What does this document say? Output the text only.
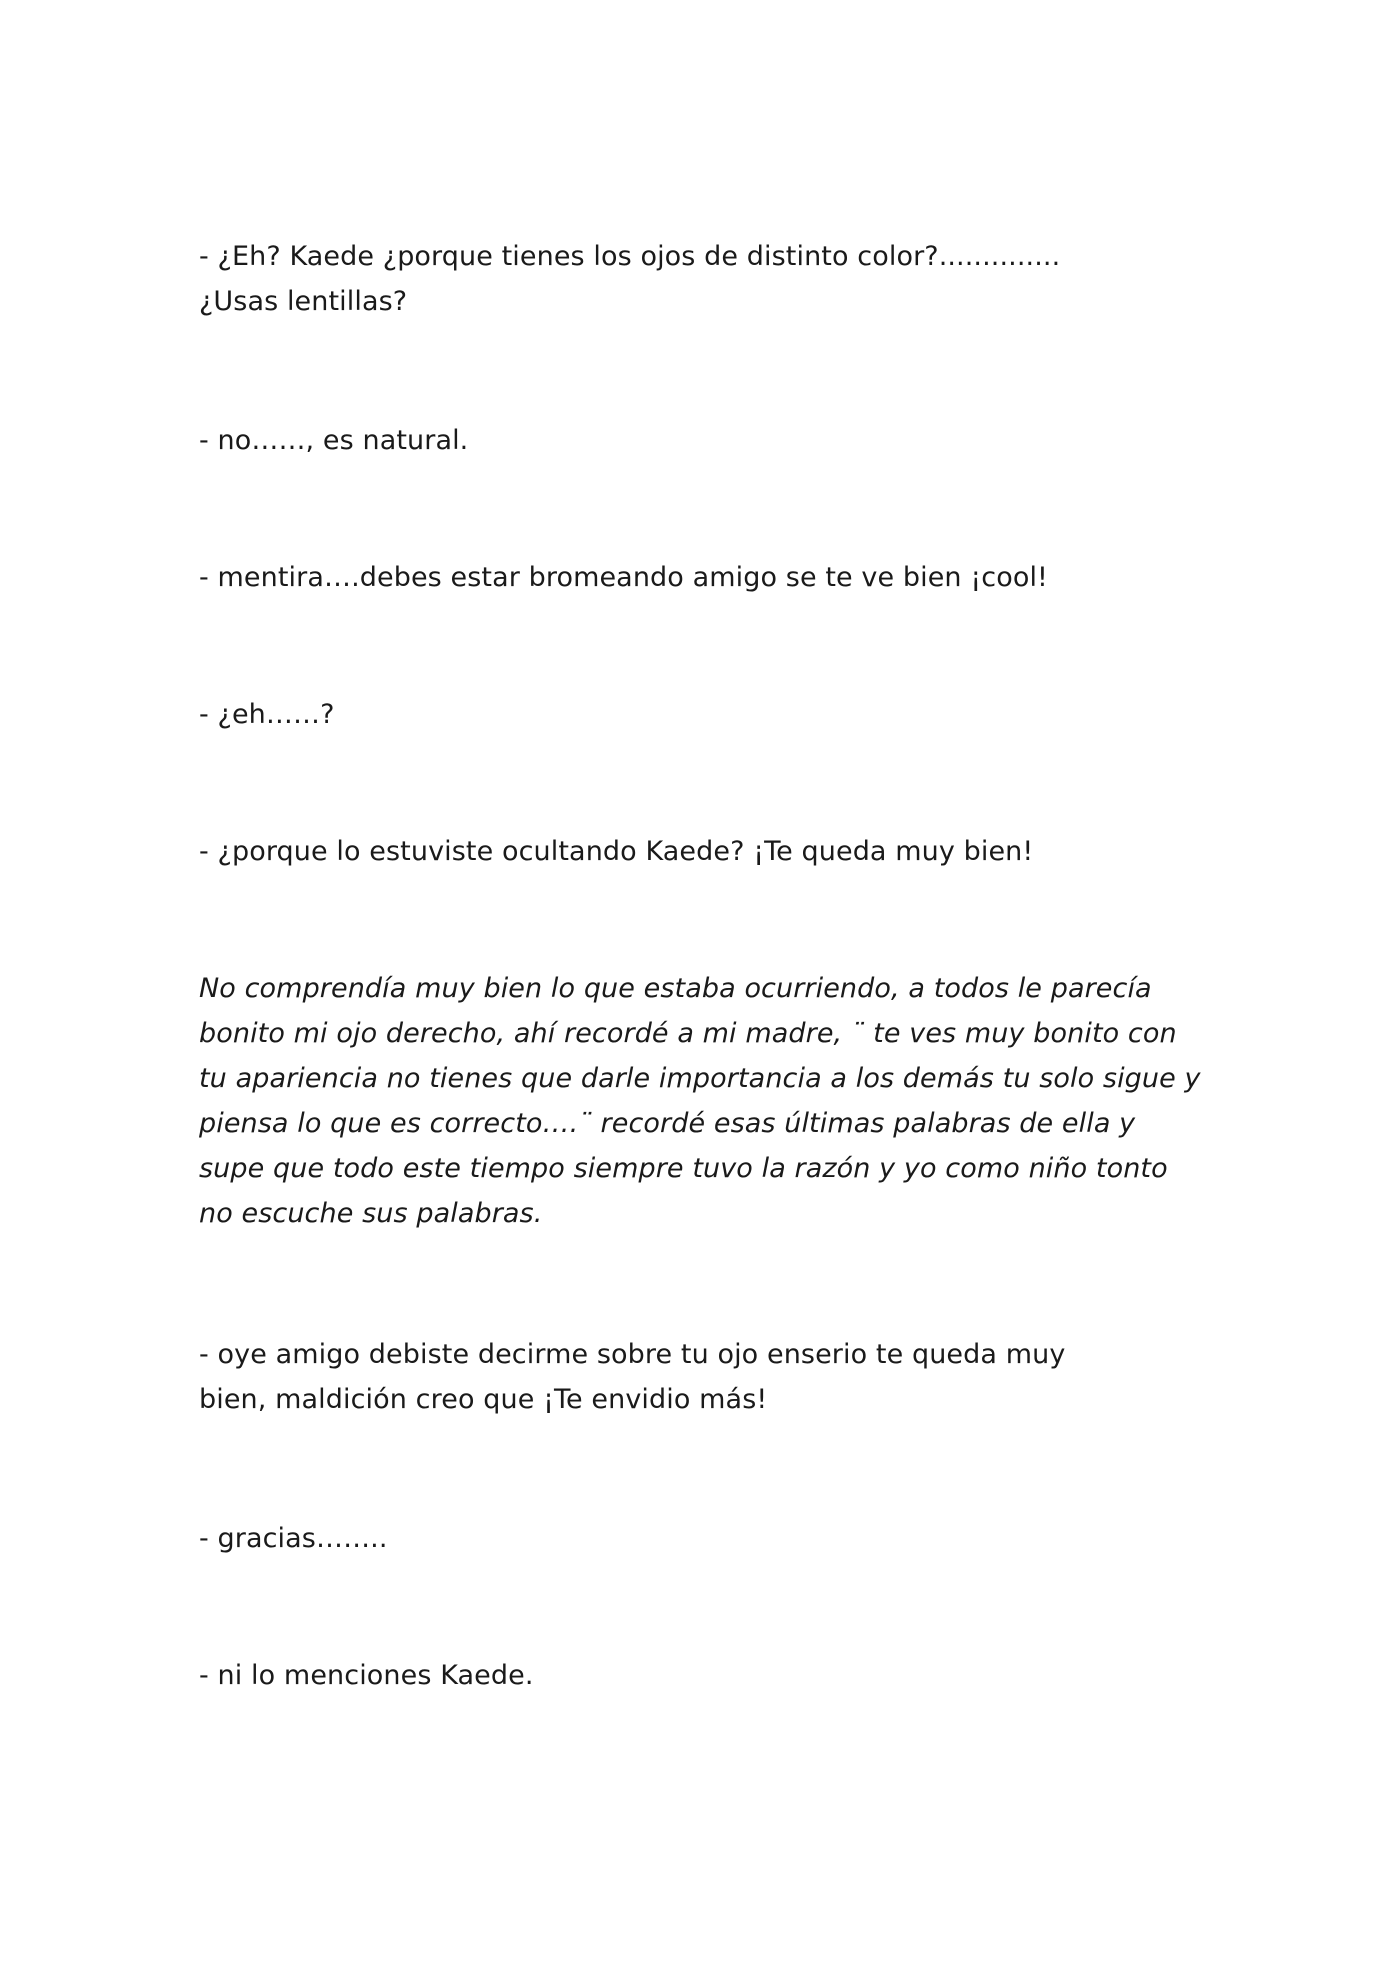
- ¿Eh? Kaede ¿porque tienes los ojos de distinto color?.............. ¿Usas lentillas?

- no……, es natural.

- mentira….debes estar bromeando amigo se te ve bien ¡cool!

- ¿eh……?

- ¿porque lo estuviste ocultando Kaede? ¡Te queda muy bien!

No comprendía muy bien lo que estaba ocurriendo, a todos le parecía bonito mi ojo derecho, ahí recordé a mi madre, ¨ te ves muy bonito con tu apariencia no tienes que darle importancia a los demás tu solo sigue y piensa lo que es correcto….¨ recordé esas últimas palabras de ella y supe que todo este tiempo siempre tuvo la razón y yo como niño tonto no escuche sus palabras.

- oye amigo debiste decirme sobre tu ojo enserio te queda muy bien, maldición creo que ¡Te envidio más!

- gracias……..

- ni lo menciones Kaede.
